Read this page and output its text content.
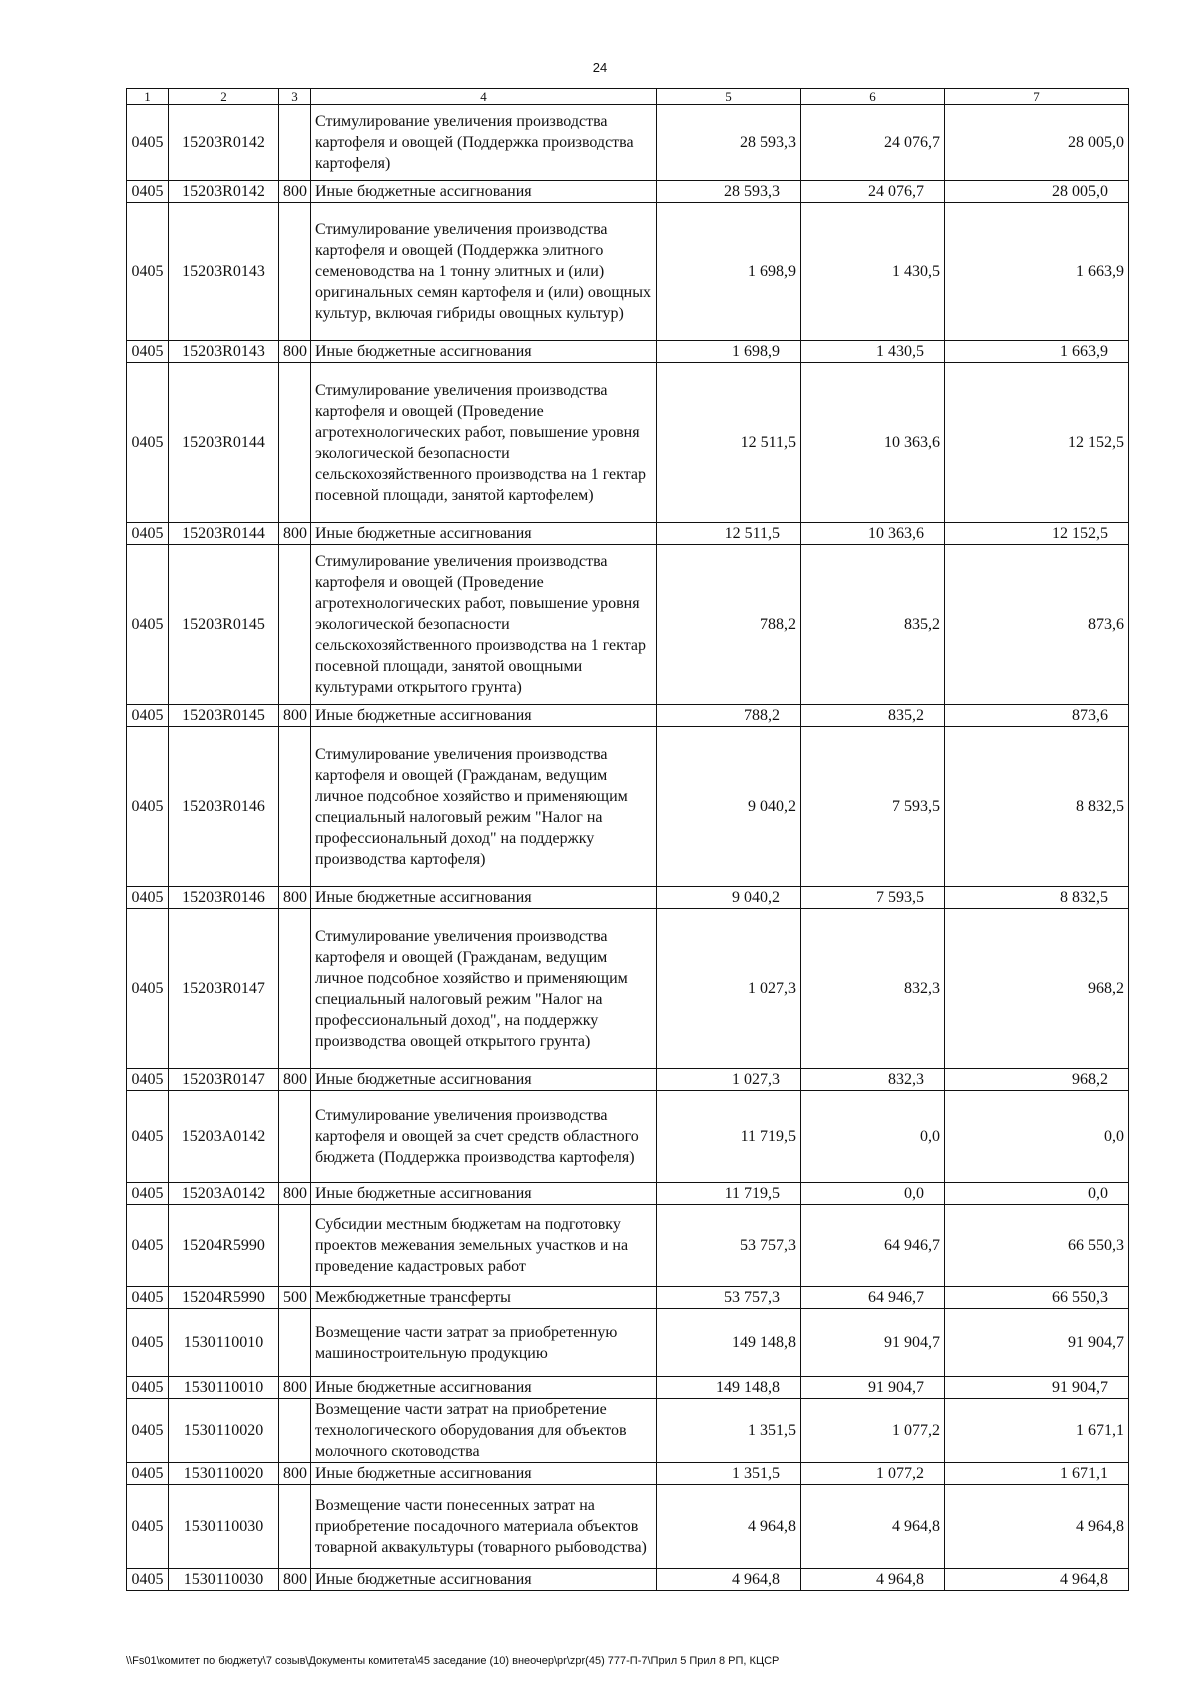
24
1	2	3	4	5	6	7
0405	15203R0142		Стимулирование увеличения производства картофеля и овощей (Поддержка производства картофеля)	28 593,3	24 076,7	28 005,0
0405	15203R0142	800	Иные бюджетные ассигнования	28 593,3	24 076,7	28 005,0
0405	15203R0143		Стимулирование увеличения производства картофеля и овощей (Поддержка элитного семеноводства на 1 тонну элитных и (или) оригинальных семян картофеля и (или) овощных культур, включая гибриды овощных культур)	1 698,9	1 430,5	1 663,9
0405	15203R0143	800	Иные бюджетные ассигнования	1 698,9	1 430,5	1 663,9
0405	15203R0144		Стимулирование увеличения производства картофеля и овощей (Проведение агротехнологических работ, повышение уровня экологической безопасности сельскохозяйственного производства на 1 гектар посевной площади, занятой картофелем)	12 511,5	10 363,6	12 152,5
0405	15203R0144	800	Иные бюджетные ассигнования	12 511,5	10 363,6	12 152,5
0405	15203R0145		Стимулирование увеличения производства картофеля и овощей (Проведение агротехнологических работ, повышение уровня экологической безопасности сельскохозяйственного производства на 1 гектар посевной площади, занятой овощными культурами открытого грунта)	788,2	835,2	873,6
0405	15203R0145	800	Иные бюджетные ассигнования	788,2	835,2	873,6
0405	15203R0146		Стимулирование увеличения производства картофеля и овощей (Гражданам, ведущим личное подсобное хозяйство и применяющим специальный налоговый режим "Налог на профессиональный доход" на поддержку производства картофеля)	9 040,2	7 593,5	8 832,5
0405	15203R0146	800	Иные бюджетные ассигнования	9 040,2	7 593,5	8 832,5
0405	15203R0147		Стимулирование увеличения производства картофеля и овощей (Гражданам, ведущим личное подсобное хозяйство и применяющим специальный налоговый режим "Налог на профессиональный доход", на поддержку производства овощей открытого грунта)	1 027,3	832,3	968,2
0405	15203R0147	800	Иные бюджетные ассигнования	1 027,3	832,3	968,2
0405	15203A0142		Стимулирование увеличения производства картофеля и овощей за счет средств областного бюджета (Поддержка производства картофеля)	11 719,5	0,0	0,0
0405	15203A0142	800	Иные бюджетные ассигнования	11 719,5	0,0	0,0
0405	15204R5990		Субсидии местным бюджетам на подготовку проектов межевания земельных участков и на проведение кадастровых работ	53 757,3	64 946,7	66 550,3
0405	15204R5990	500	Межбюджетные трансферты	53 757,3	64 946,7	66 550,3
0405	1530110010		Возмещение части затрат за приобретенную машиностроительную продукцию	149 148,8	91 904,7	91 904,7
0405	1530110010	800	Иные бюджетные ассигнования	149 148,8	91 904,7	91 904,7
0405	1530110020		Возмещение части затрат на приобретение технологического оборудования для объектов молочного скотоводства	1 351,5	1 077,2	1 671,1
0405	1530110020	800	Иные бюджетные ассигнования	1 351,5	1 077,2	1 671,1
0405	1530110030		Возмещение части понесенных затрат на приобретение посадочного материала объектов товарной аквакультуры (товарного рыбоводства)	4 964,8	4 964,8	4 964,8
0405	1530110030	800	Иные бюджетные ассигнования	4 964,8	4 964,8	4 964,8
\\Fs01\комитет по бюджету\7 созыв\Документы комитета\45 заседание (10) внеочер\pr\zpr(45) 777-П-7\Прил 5 Прил 8 РП, КЦСР
